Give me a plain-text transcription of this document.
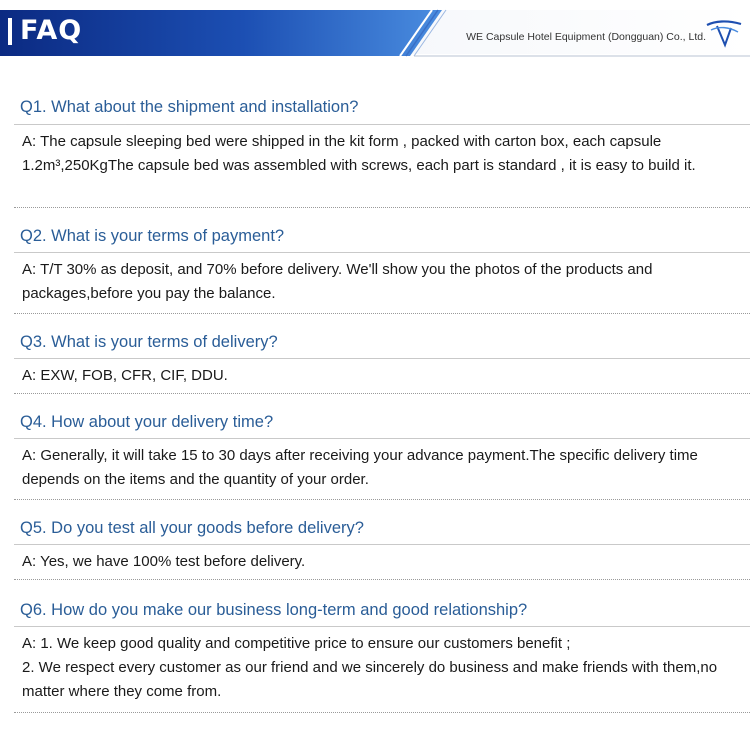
FAQ	WE Capsule Hotel Equipment (Dongguan) Co., Ltd.
Q1. What about the shipment and installation?

A: The capsule sleeping bed were shipped in the kit form , packed with carton box, each capsule 1.2m³,250KgThe capsule bed was assembled with screws, each part is standard , it is easy to build it.

Q2. What is your terms of payment?

A: T/T 30% as deposit, and 70% before delivery. We'll show you the photos of the products and packages,before you pay the balance.

Q3. What is your terms of delivery?

A: EXW, FOB, CFR, CIF, DDU.

Q4. How about your delivery time?

A: Generally, it will take 15 to 30 days after receiving your advance payment.The specific delivery time depends on the items and the quantity of your order.

Q5. Do you test all your goods before delivery?

A: Yes, we have 100% test before delivery.

Q6. How do you make our business long-term and good relationship?

A: 1. We keep good quality and competitive price to ensure our customers benefit ;

2. We respect every customer as our friend and we sincerely do business and make friends with them,no matter where they come from.
